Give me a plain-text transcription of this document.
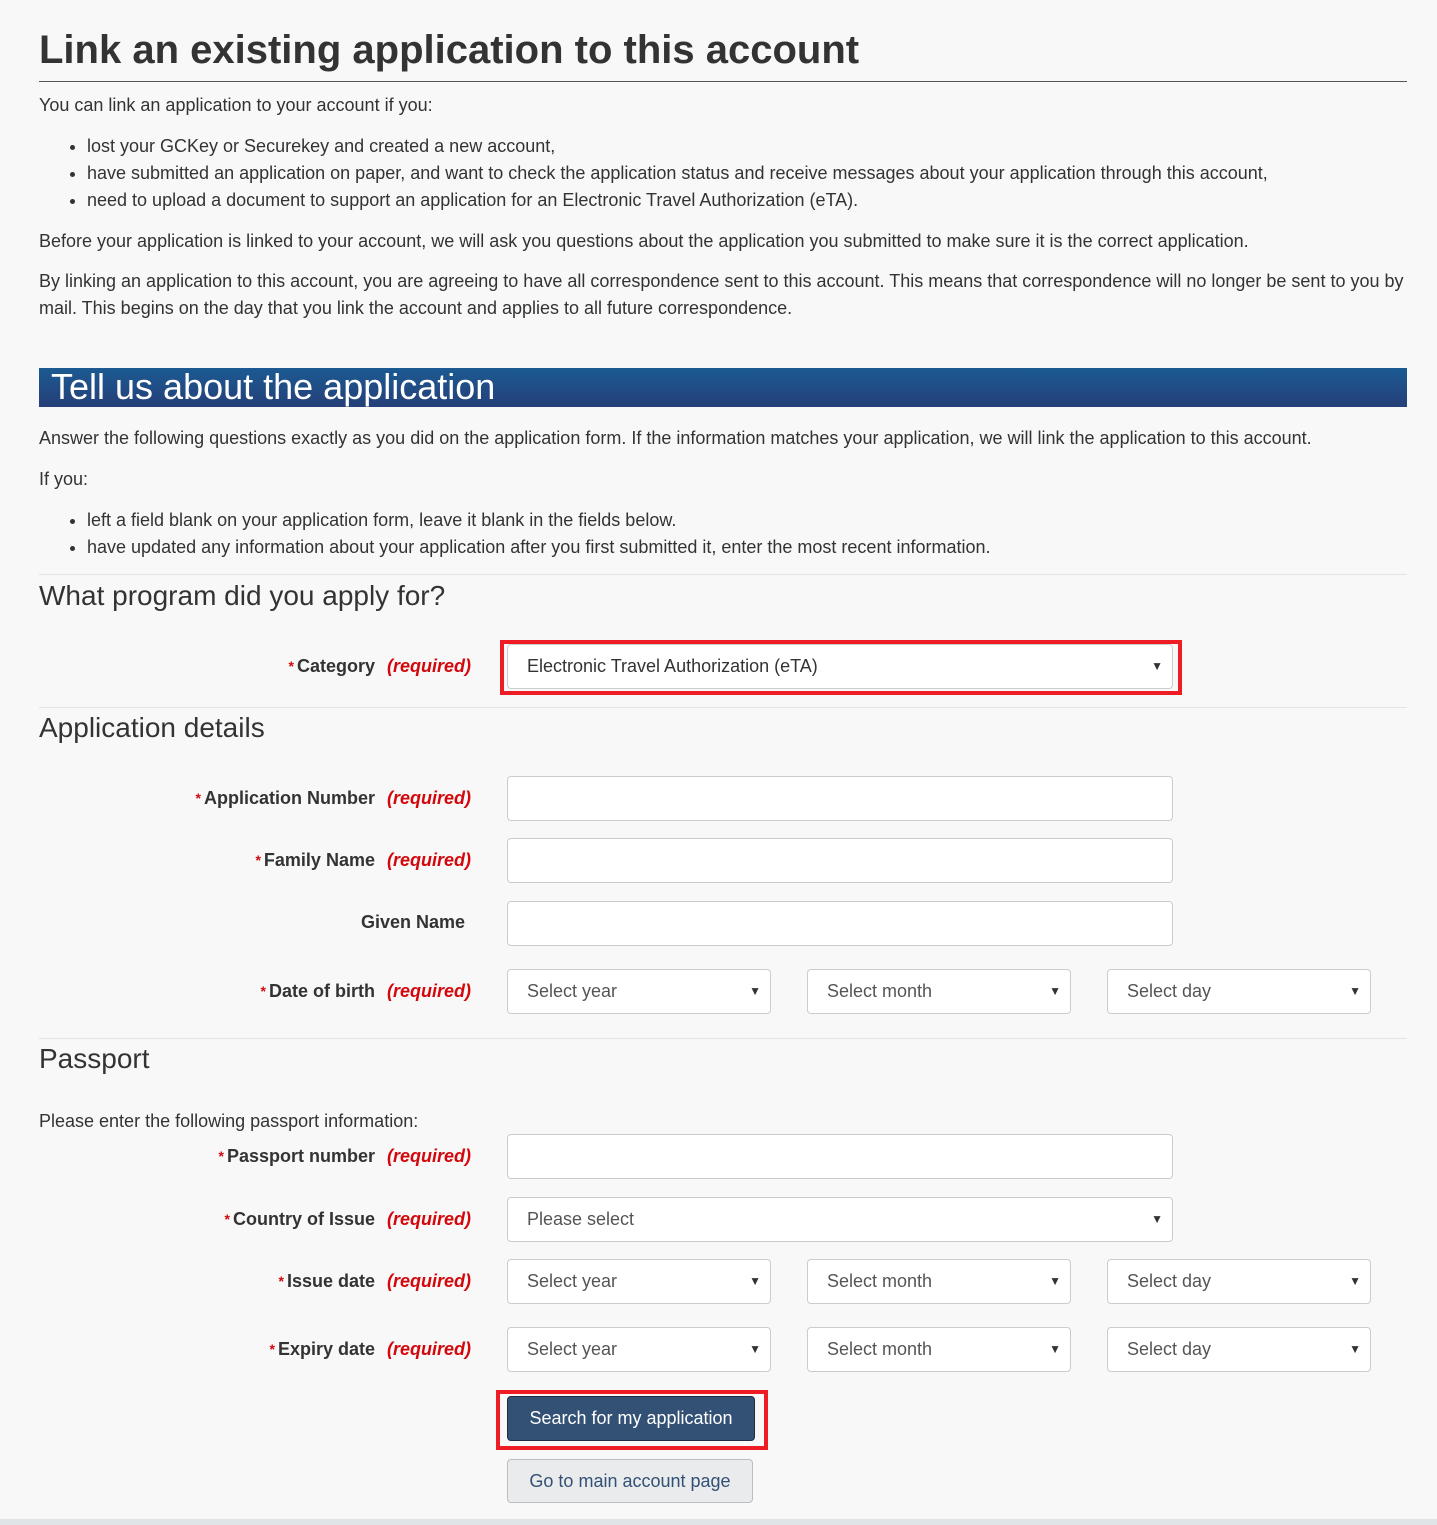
Link an existing application to this account

You can link an application to your account if you:

• lost your GCKey or Securekey and created a new account,
• have submitted an application on paper, and want to check the application status and receive messages about your application through this account,
• need to upload a document to support an application for an Electronic Travel Authorization (eTA).

Before your application is linked to your account, we will ask you questions about the application you submitted to make sure it is the correct application.

By linking an application to this account, you are agreeing to have all correspondence sent to this account. This means that correspondence will no longer be sent to you by mail. This begins on the day that you link the account and applies to all future correspondence.

Tell us about the application

Answer the following questions exactly as you did on the application form. If the information matches your application, we will link the application to this account.

If you:

• left a field blank on your application form, leave it blank in the fields below.
• have updated any information about your application after you first submitted it, enter the most recent information.
What program did you apply for?
* Category (required)	Electronic Travel Authorization (eTA)	▼
Application details
* Application Number (required)
* Family Name (required)
Given Name
* Date of birth (required)	Select year	▼	Select month	▼	Select day	▼
Passport

Please enter the following passport information:

* Passport number (required)
* Country of Issue (required)	Please select	▼
* Issue date (required)	Select year	▼	Select month	▼	Select day	▼
* Expiry date (required)	Select year	▼	Select month	▼	Select day	▼
Search for my application
Go to main account page
